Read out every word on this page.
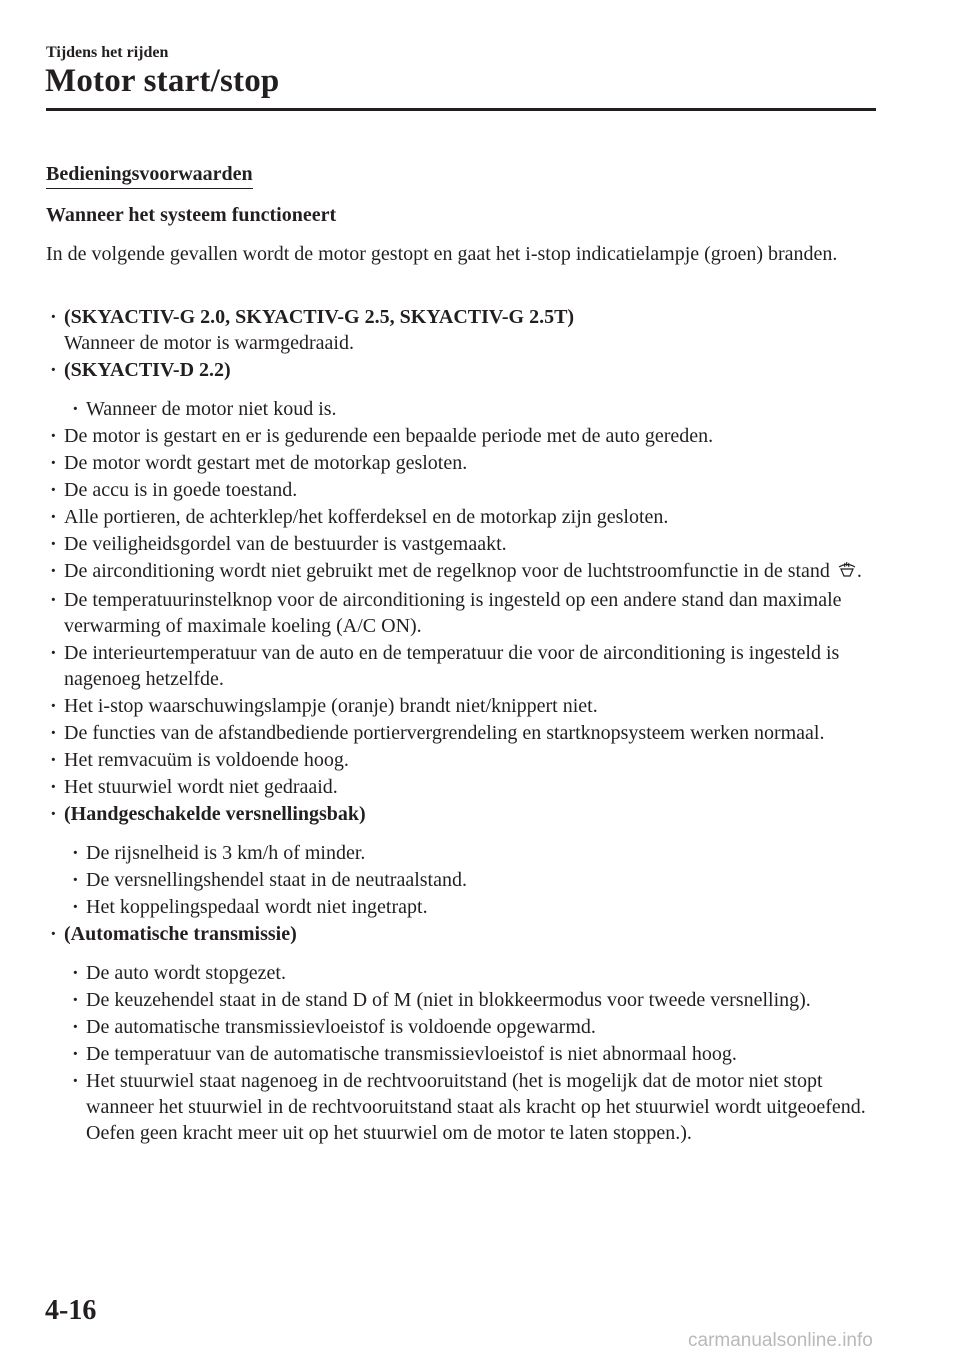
Tijdens het rijden
Motor start/stop
Bedieningsvoorwaarden
Wanneer het systeem functioneert
In de volgende gevallen wordt de motor gestopt en gaat het i-stop indicatielampje (groen) branden.
· (SKYACTIV-G 2.0, SKYACTIV-G 2.5, SKYACTIV-G 2.5T)
Wanneer de motor is warmgedraaid.
· (SKYACTIV-D 2.2)
· Wanneer de motor niet koud is.
· De motor is gestart en er is gedurende een bepaalde periode met de auto gereden.
· De motor wordt gestart met de motorkap gesloten.
· De accu is in goede toestand.
· Alle portieren, de achterklep/het kofferdeksel en de motorkap zijn gesloten.
· De veiligheidsgordel van de bestuurder is vastgemaakt.
· De airconditioning wordt niet gebruikt met de regelknop voor de luchtstroomfunctie in de stand .
· De temperatuurinstelknop voor de airconditioning is ingesteld op een andere stand dan maximale verwarming of maximale koeling (A/C ON).
· De interieurtemperatuur van de auto en de temperatuur die voor de airconditioning is ingesteld is nagenoeg hetzelfde.
· Het i-stop waarschuwingslampje (oranje) brandt niet/knippert niet.
· De functies van de afstandbediende portiervergrendeling en startknopsysteem werken normaal.
· Het remvacuüm is voldoende hoog.
· Het stuurwiel wordt niet gedraaid.
· (Handgeschakelde versnellingsbak)
· De rijsnelheid is 3 km/h of minder.
· De versnellingshendel staat in de neutraalstand.
· Het koppelingspedaal wordt niet ingetrapt.
· (Automatische transmissie)
· De auto wordt stopgezet.
· De keuzehendel staat in de stand D of M (niet in blokkeermodus voor tweede versnelling).
· De automatische transmissievloeistof is voldoende opgewarmd.
· De temperatuur van de automatische transmissievloeistof is niet abnormaal hoog.
· Het stuurwiel staat nagenoeg in de rechtvooruitstand (het is mogelijk dat de motor niet stopt wanneer het stuurwiel in de rechtvooruitstand staat als kracht op het stuurwiel wordt uitgeoefend. Oefen geen kracht meer uit op het stuurwiel om de motor te laten stoppen.).
4-16
carmanualsonline.info
